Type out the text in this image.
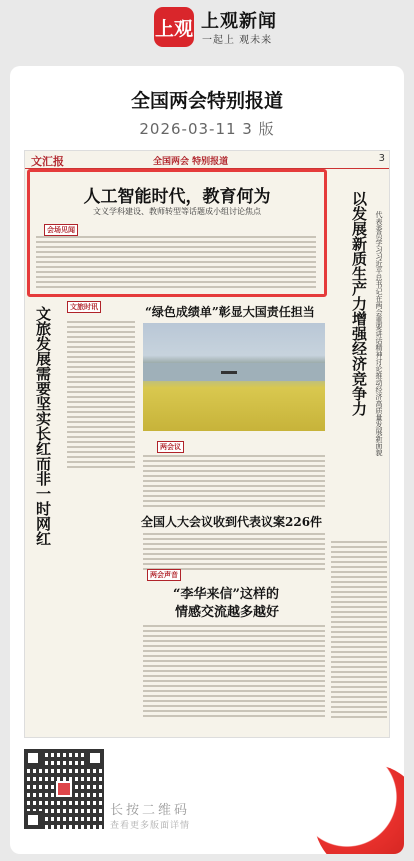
上观 上观新闻
一起上 观未来
全国两会特别报道
2026-03-11 3 版
文汇报	全国两会 特别报道	3
人工智能时代，教育何为
文义学科建设、教师转型等话题成小组讨论焦点
会场见闻	以发展新质生产力增强经济竞争力 代表委员学习习近平总书记在两会重要讲话精神讨论推动经济高质量发展新面貌
文旅时讯
文旅发展需要坚实长红而非一时网红	“绿色成绩单”彰显大国责任担当
两会议
全国人大会议收到代表议案226件
两会声音
“李华来信”这样的
情感交流越多越好
长按二维码
查看更多版面详情
